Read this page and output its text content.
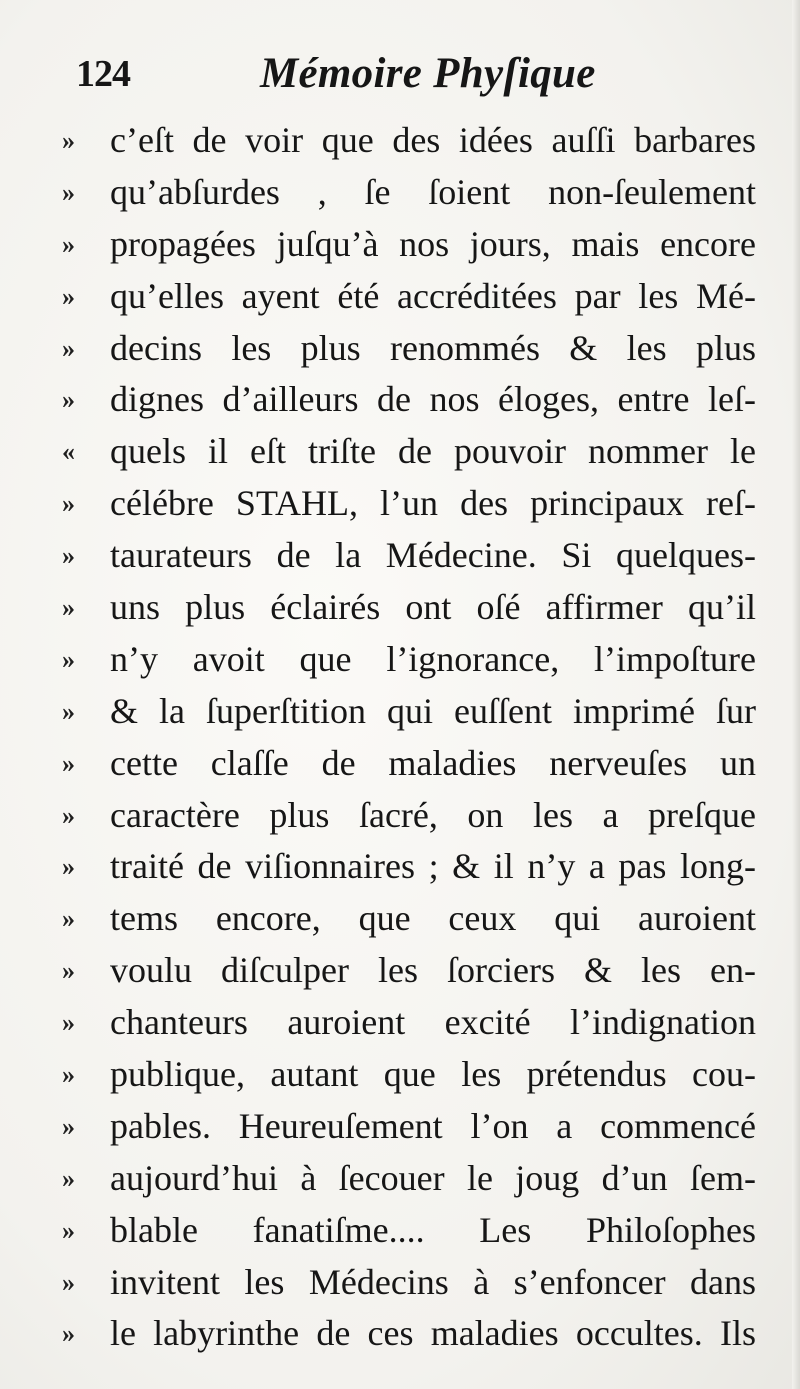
124	Mémoire Phyſique
» c’eſt de voir que des idées auſſi barbares
» qu’abſurdes , ſe ſoient non-ſeulement
» propagées juſqu’à nos jours, mais encore
» qu’elles ayent été accréditées par les Mé-
» decins les plus renommés & les plus
» dignes d’ailleurs de nos éloges, entre leſ-
« quels il eſt triſte de pouvoir nommer le
» célébre STAHL, l’un des principaux reſ-
» taurateurs de la Médecine. Si quelques-
» uns plus éclairés ont oſé affirmer qu’il
» n’y avoit que l’ignorance, l’impoſture
» & la ſuperſtition qui euſſent imprimé ſur
» cette claſſe de maladies nerveuſes un
» caractère plus ſacré, on les a preſque
» traité de viſionnaires ; & il n’y a pas long-
» tems encore, que ceux qui auroient
» voulu diſculper les ſorciers & les en-
» chanteurs auroient excité l’indignation
» publique, autant que les prétendus cou-
» pables. Heureuſement l’on a commencé
» aujourd’hui à ſecouer le joug d’un ſem-
» blable fanatiſme.... Les Philoſophes
» invitent les Médecins à s’enfoncer dans
» le labyrinthe de ces maladies occultes. Ils
